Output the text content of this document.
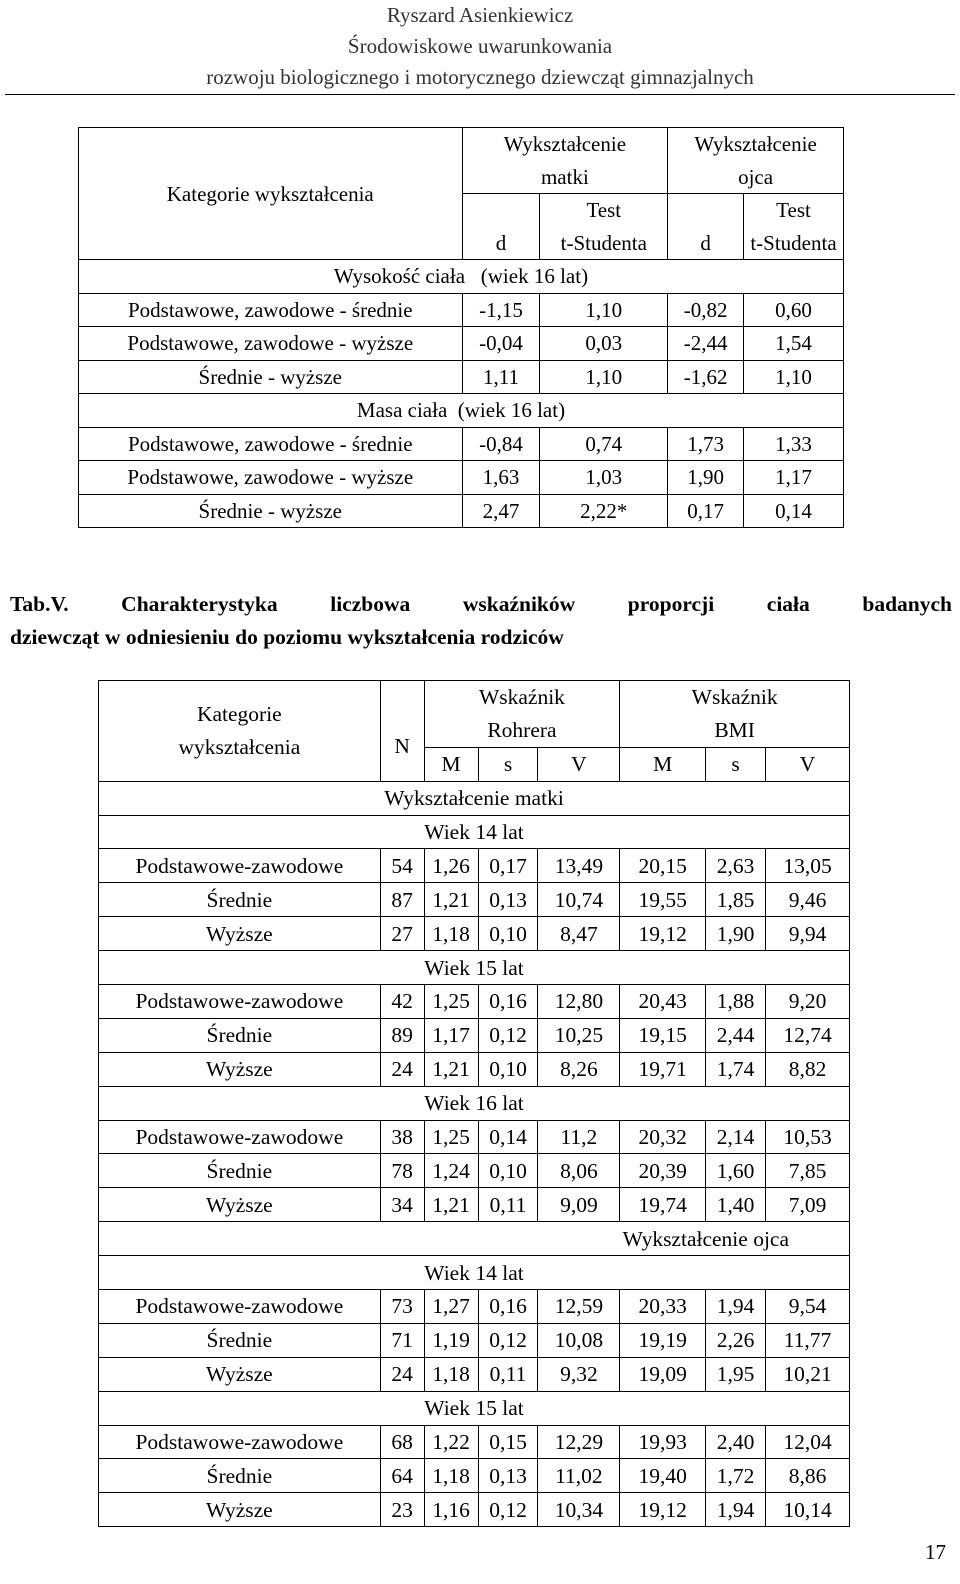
Ryszard Asienkiewicz
Środowiskowe uwarunkowania
rozwoju biologicznego i motorycznego dziewcząt gimnazjalnych
Kategorie wykształcenia	Wykształcenie		Wykształcenie	
	matki		ojca	
	d	Test	d	Test
		t-Studenta		t-Studenta
Wysokość ciała   (wiek 16 lat)				
Podstawowe, zawodowe - średnie	-1,15	1,10	-0,82	0,60
Podstawowe, zawodowe - wyższe	-0,04	0,03	-2,44	1,54
Średnie - wyższe	1,11	1,10	-1,62	1,10
Masa ciała  (wiek 16 lat)				
Podstawowe, zawodowe - średnie	-0,84	0,74	1,73	1,33
Podstawowe, zawodowe - wyższe	1,63	1,03	1,90	1,17
Średnie - wyższe	2,47	2,22*	0,17	0,14
Tab.V. Charakterystyka liczbowa wskaźników proporcji ciała badanych
dziewcząt w odniesieniu do poziomu wykształcenia rodziców
Kategorie
wykształcenia	N	Wskaźnik			Wskaźnik		
		Rohrera			BMI		
		M	s	V	M	s	V
Wykształcenie matki							
Wiek 14 lat							
Podstawowe-zawodowe	54	1,26	0,17	13,49	20,15	2,63	13,05
Średnie	87	1,21	0,13	10,74	19,55	1,85	9,46
Wyższe	27	1,18	0,10	8,47	19,12	1,90	9,94
Wiek 15 lat							
Podstawowe-zawodowe	42	1,25	0,16	12,80	20,43	1,88	9,20
Średnie	89	1,17	0,12	10,25	19,15	2,44	12,74
Wyższe	24	1,21	0,10	8,26	19,71	1,74	8,82
Wiek 16 lat							
Podstawowe-zawodowe	38	1,25	0,14	11,2	20,32	2,14	10,53
Średnie	78	1,24	0,10	8,06	20,39	1,60	7,85
Wyższe	34	1,21	0,11	9,09	19,74	1,40	7,09
Wykształcenie ojca							
Wiek 14 lat							
Podstawowe-zawodowe	73	1,27	0,16	12,59	20,33	1,94	9,54
Średnie	71	1,19	0,12	10,08	19,19	2,26	11,77
Wyższe	24	1,18	0,11	9,32	19,09	1,95	10,21
Wiek 15 lat							
Podstawowe-zawodowe	68	1,22	0,15	12,29	19,93	2,40	12,04
Średnie	64	1,18	0,13	11,02	19,40	1,72	8,86
Wyższe	23	1,16	0,12	10,34	19,12	1,94	10,14
17
